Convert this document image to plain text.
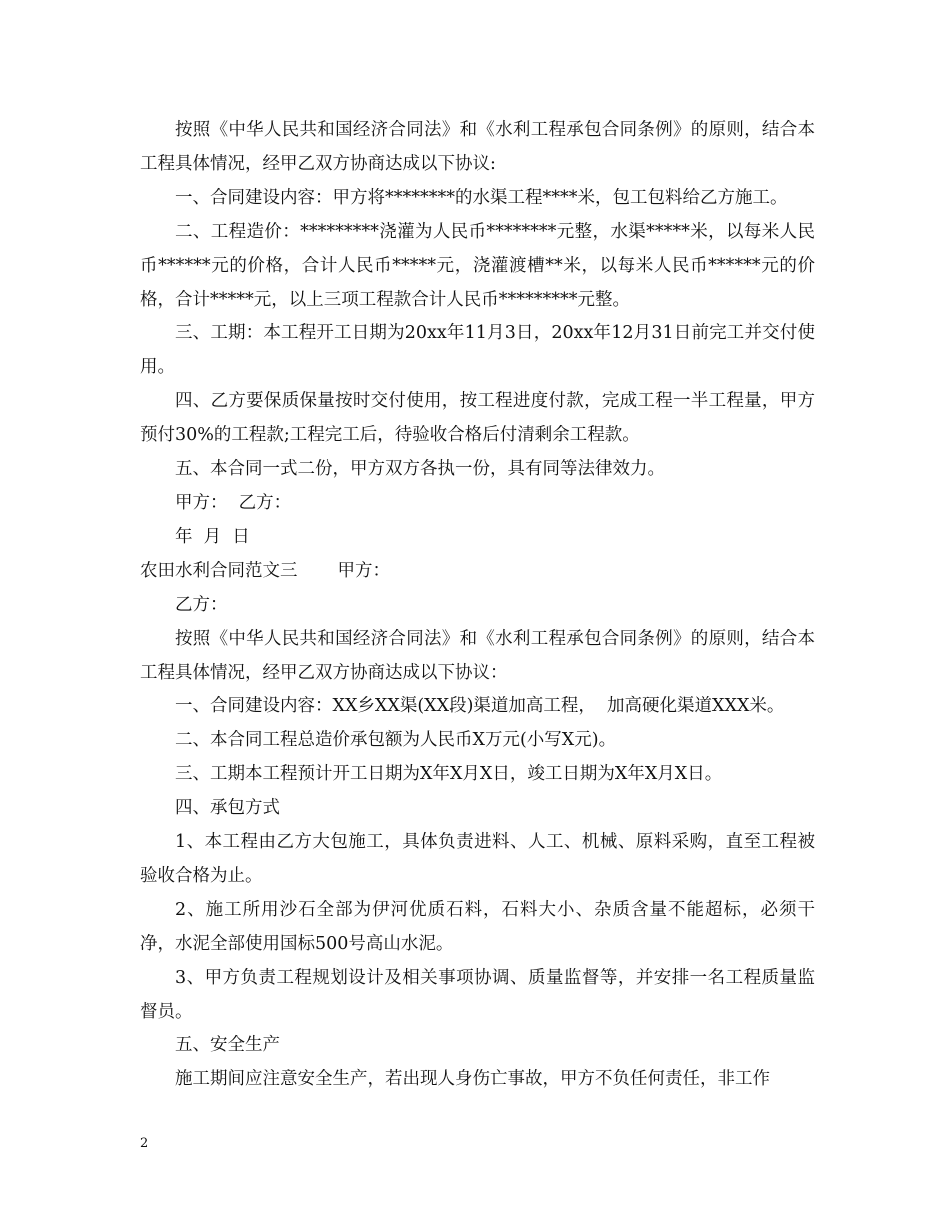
按照《中华人民共和国经济合同法》和《水利工程承包合同条例》的原则，结合本工程具体情况，经甲乙双方协商达成以下协议:

一、合同建设内容：甲方将********的水渠工程****米，包工包料给乙方施工。

二、工程造价：*********浇灌为人民币********元整，水渠*****米，以每米人民币******元的价格，合计人民币*****元，浇灌渡槽**米，以每米人民币******元的价格，合计*****元，以上三项工程款合计人民币*********元整。

三、工期：本工程开工日期为20xx年11月3日，20xx年12月31日前完工并交付使用。

四、乙方要保质保量按时交付使用，按工程进度付款，完成工程一半工程量，甲方预付30%的工程款;工程完工后，待验收合格后付清剩余工程款。

五、本合同一式二份，甲方双方各执一份，具有同等法律效力。

甲方：  乙方：

年  月  日

农田水利合同范文三 甲方：

乙方：

按照《中华人民共和国经济合同法》和《水利工程承包合同条例》的原则，结合本工程具体情况，经甲乙双方协商达成以下协议：

一、合同建设内容：XX乡XX渠(XX段)渠道加高工程，  加高硬化渠道XXX米。

二、本合同工程总造价承包额为人民币X万元(小写X元)。

三、工期本工程预计开工日期为X年X月X日，竣工日期为X年X月X日。

四、承包方式

1、本工程由乙方大包施工，具体负责进料、人工、机械、原料采购，直至工程被验收合格为止。

2、施工所用沙石全部为伊河优质石料，石料大小、杂质含量不能超标，必须干净，水泥全部使用国标500号高山水泥。

3、甲方负责工程规划设计及相关事项协调、质量监督等，并安排一名工程质量监督员。

五、安全生产

施工期间应注意安全生产，若出现人身伤亡事故，甲方不负任何责任，非工作

2
